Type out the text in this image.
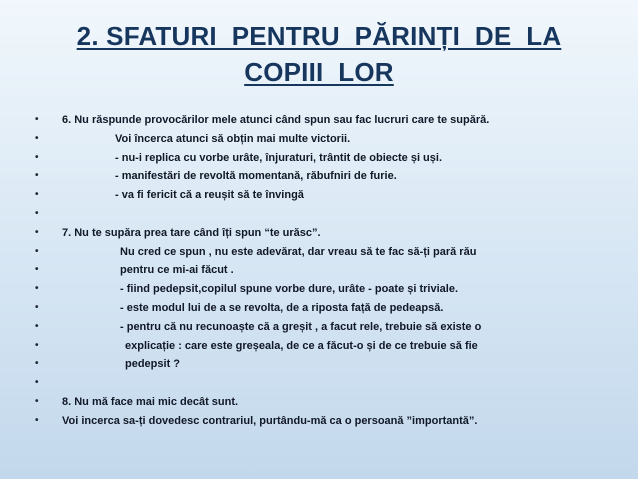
2. SFATURI  PENTRU  PĂRINȚI  DE  LA
COPIII  LOR
• 6. Nu răspunde provocărilor mele atunci când spun sau fac lucruri care te supără.
•	Voi încerca atunci să obțin mai multe victorii.
•	- nu-i replica cu vorbe urâte, înjuraturi, trântit de obiecte și uși.
•	- manifestări de revoltă momentană, răbufniri de furie.
•	- va fi fericit că a reușit să te învingă
•
• 7. Nu te supăra prea tare când îți spun “te urăsc”.
•	Nu cred ce spun , nu este adevărat, dar vreau să te fac să-ți pară rău
•	pentru ce mi-ai făcut .
•	- fiind pedepsit,copilul spune vorbe dure, urâte - poate și triviale.
•	- este modul lui de a se revolta, de a riposta față de pedeapsă.
•	- pentru că nu recunoaște că a greșit , a facut rele, trebuie să existe o
•	explicație : care este greșeala, de ce a făcut-o și de ce trebuie să fie
•	pedepsit ?
•
• 8. Nu mă face mai mic decât sunt.
• Voi incerca sa-ți dovedesc contrariul, purtându-mă ca o persoană ”importantă”.
